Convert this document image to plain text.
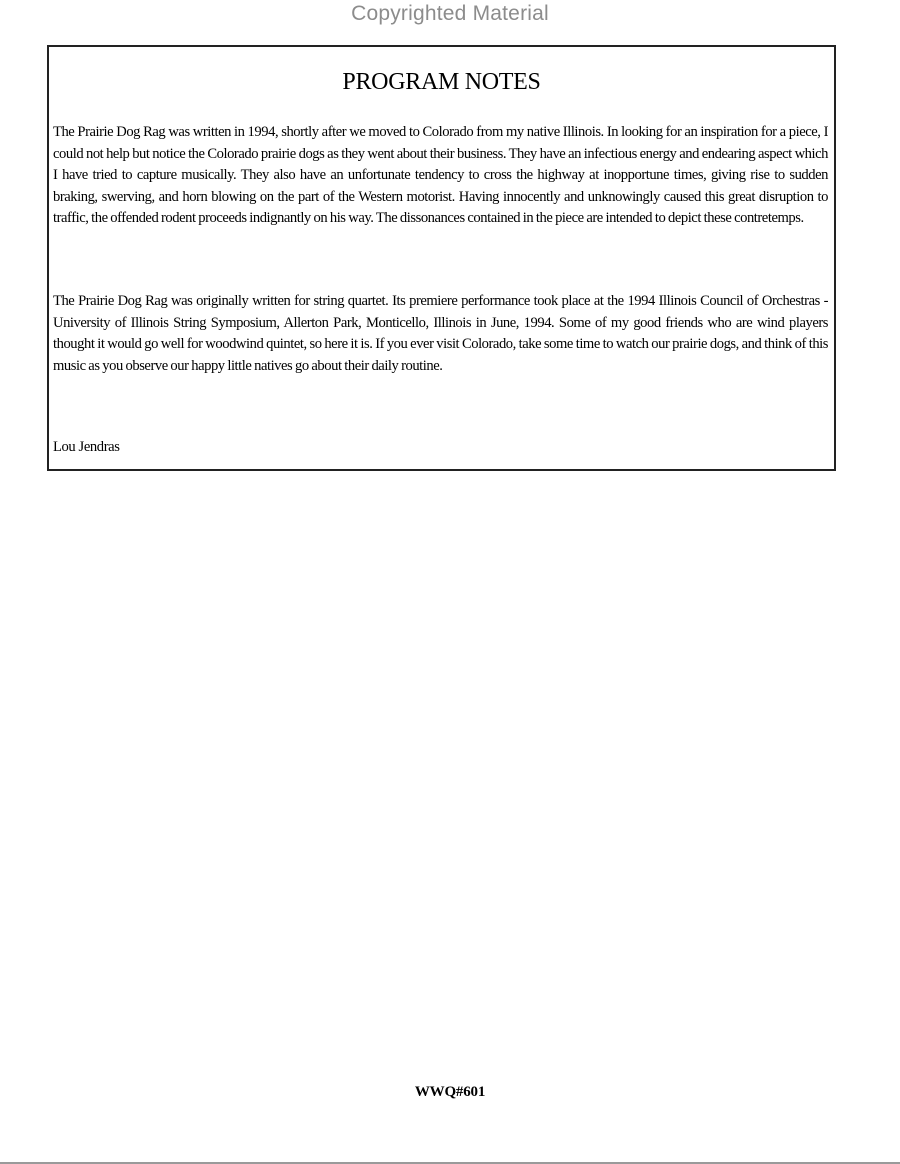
Copyrighted Material
PROGRAM NOTES

The Prairie Dog Rag was written in 1994, shortly after we moved to Colorado from my native Illinois. In looking for an inspiration for a piece, I could not help but notice the Colorado prairie dogs as they went about their business. They have an infectious energy and endearing aspect which I have tried to capture musically. They also have an unfortunate tendency to cross the highway at inopportune times, giving rise to sudden braking, swerving, and horn blowing on the part of the Western motorist. Having innocently and unknowingly caused this great disruption to traffic, the offended rodent proceeds indignantly on his way. The dissonances contained in the piece are intended to depict these contretemps.

The Prairie Dog Rag was originally written for string quartet. Its premiere performance took place at the 1994 Illinois Council of Orchestras - University of Illinois String Symposium, Allerton Park, Monticello, Illinois in June, 1994. Some of my good friends who are wind players thought it would go well for woodwind quintet, so here it is. If you ever visit Colorado, take some time to watch our prairie dogs, and think of this music as you observe our happy little natives go about their daily routine.

Lou Jendras

WWQ#601
